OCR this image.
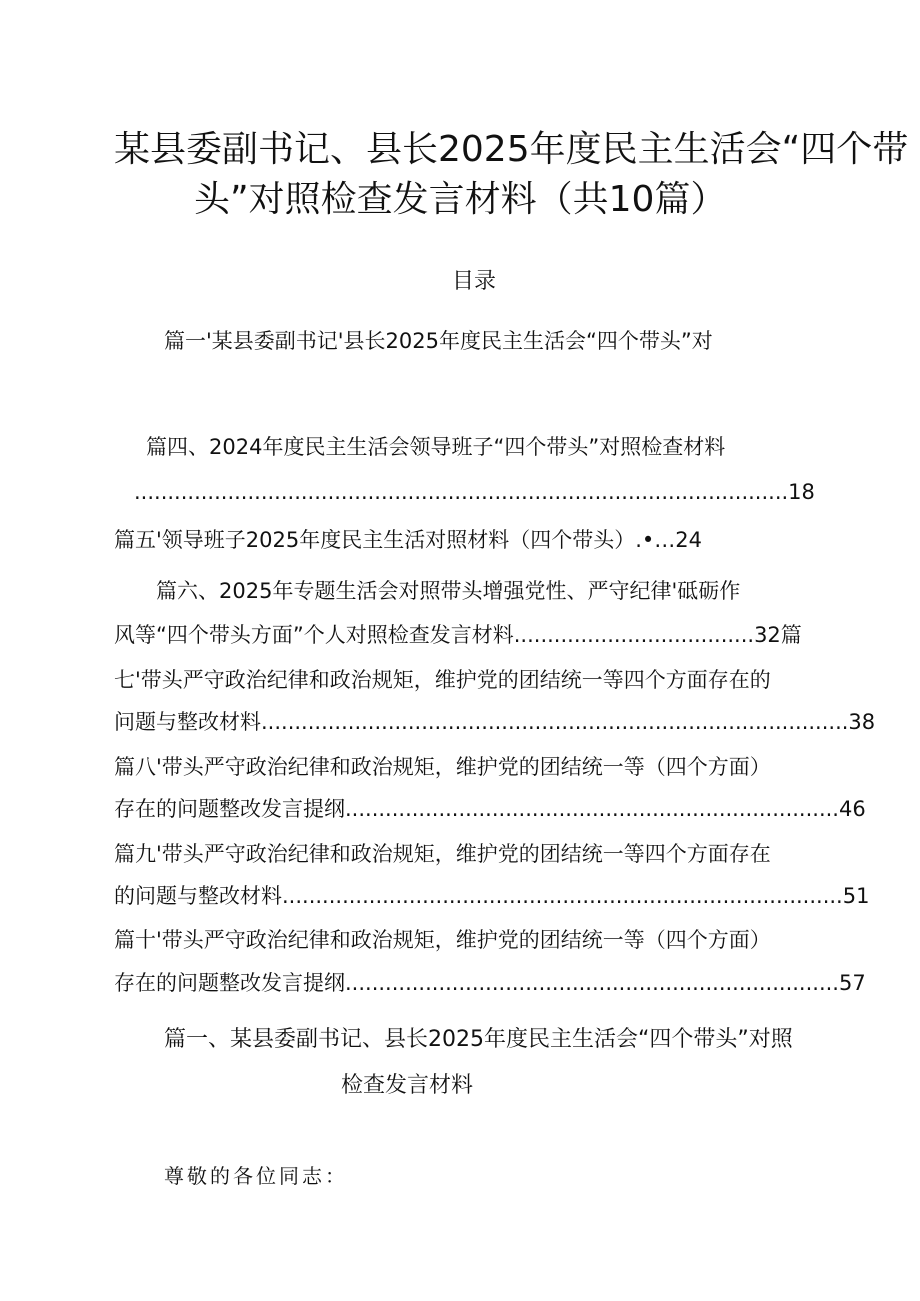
某县委副书记、县长2025年度民主生活会“四个带
头”对照检查发言材料（共10篇）
目录
篇一'某县委副书记'县长2025年度民主生活会“四个带头”对
篇四、2024年度民主生活会领导班子“四个带头”对照检查材料
..................................................................................................18
篇五'领导班子2025年度民主生活对照材料（四个带头）.•…24
篇六、2025年专题生活会对照带头增强党性、严守纪律'砥砺作
风等“四个带头方面”个人对照检查发言材料....................................32篇
七'带头严守政治纪律和政治规矩，维护党的团结统一等四个方面存在的
问题与整改材料........................................................................................38
篇八'带头严守政治纪律和政治规矩，维护党的团结统一等（四个方面）
存在的问题整改发言提纲..........................................................................46
篇九'带头严守政治纪律和政治规矩，维护党的团结统一等四个方面存在
的问题与整改材料....................................................................................51
篇十'带头严守政治纪律和政治规矩，维护党的团结统一等（四个方面）
存在的问题整改发言提纲..........................................................................57
篇一、某县委副书记、县长2025年度民主生活会“四个带头”对照
检查发言材料
尊敬的各位同志：
